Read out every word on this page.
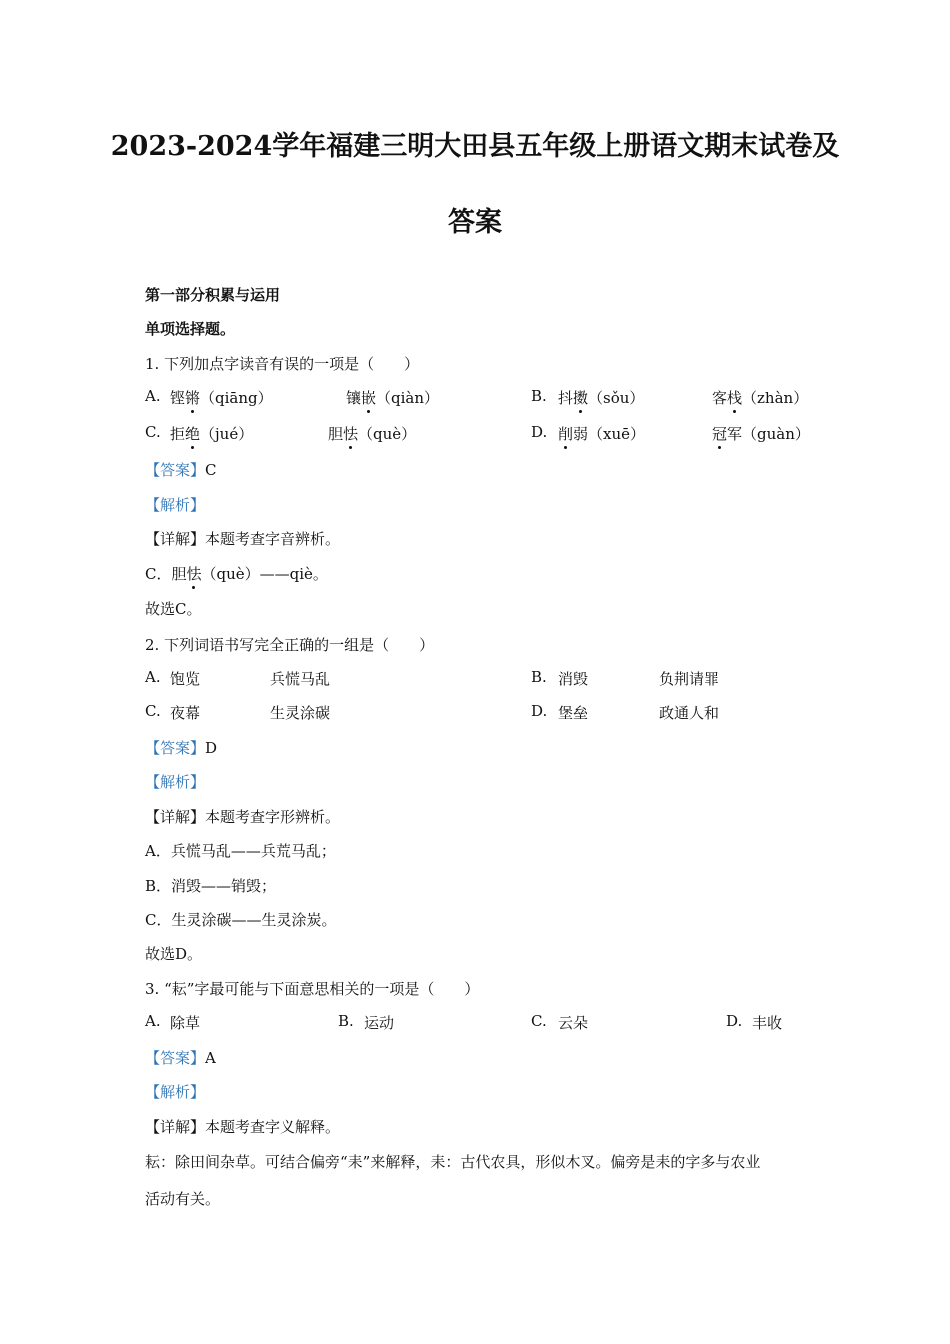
2023-2024学年福建三明大田县五年级上册语文期末试卷及
答案
第一部分积累与运用
单项选择题。
1. 下列加点字读音有误的一项是（　　）
A. 铿锵（qiāng）	镶嵌（qiàn）	B. 抖擞（sǒu）	客栈（zhàn）
C. 拒绝（jué）	胆怯（què）	D. 削弱（xuē）	冠军（guàn）
【答案】C
【解析】
【详解】本题考查字音辨析。
C．胆怯（què）——qiè。
故选C。
2. 下列词语书写完全正确的一组是（　　）
A. 饱览	兵慌马乱	B. 消毁	负荆请罪
C. 夜幕	生灵涂碳	D. 堡垒	政通人和
【答案】D
【解析】
【详解】本题考查字形辨析。
A．兵慌马乱——兵荒马乱；
B．消毁——销毁；
C．生灵涂碳——生灵涂炭。
故选D。
3. “耘”字最可能与下面意思相关的一项是（　　）
A. 除草	B. 运动	C. 云朵	D. 丰收
【答案】A
【解析】
【详解】本题考查字义解释。
耘：除田间杂草。可结合偏旁“耒”来解释，耒：古代农具，形似木叉。偏旁是耒的字多与农业
活动有关。
